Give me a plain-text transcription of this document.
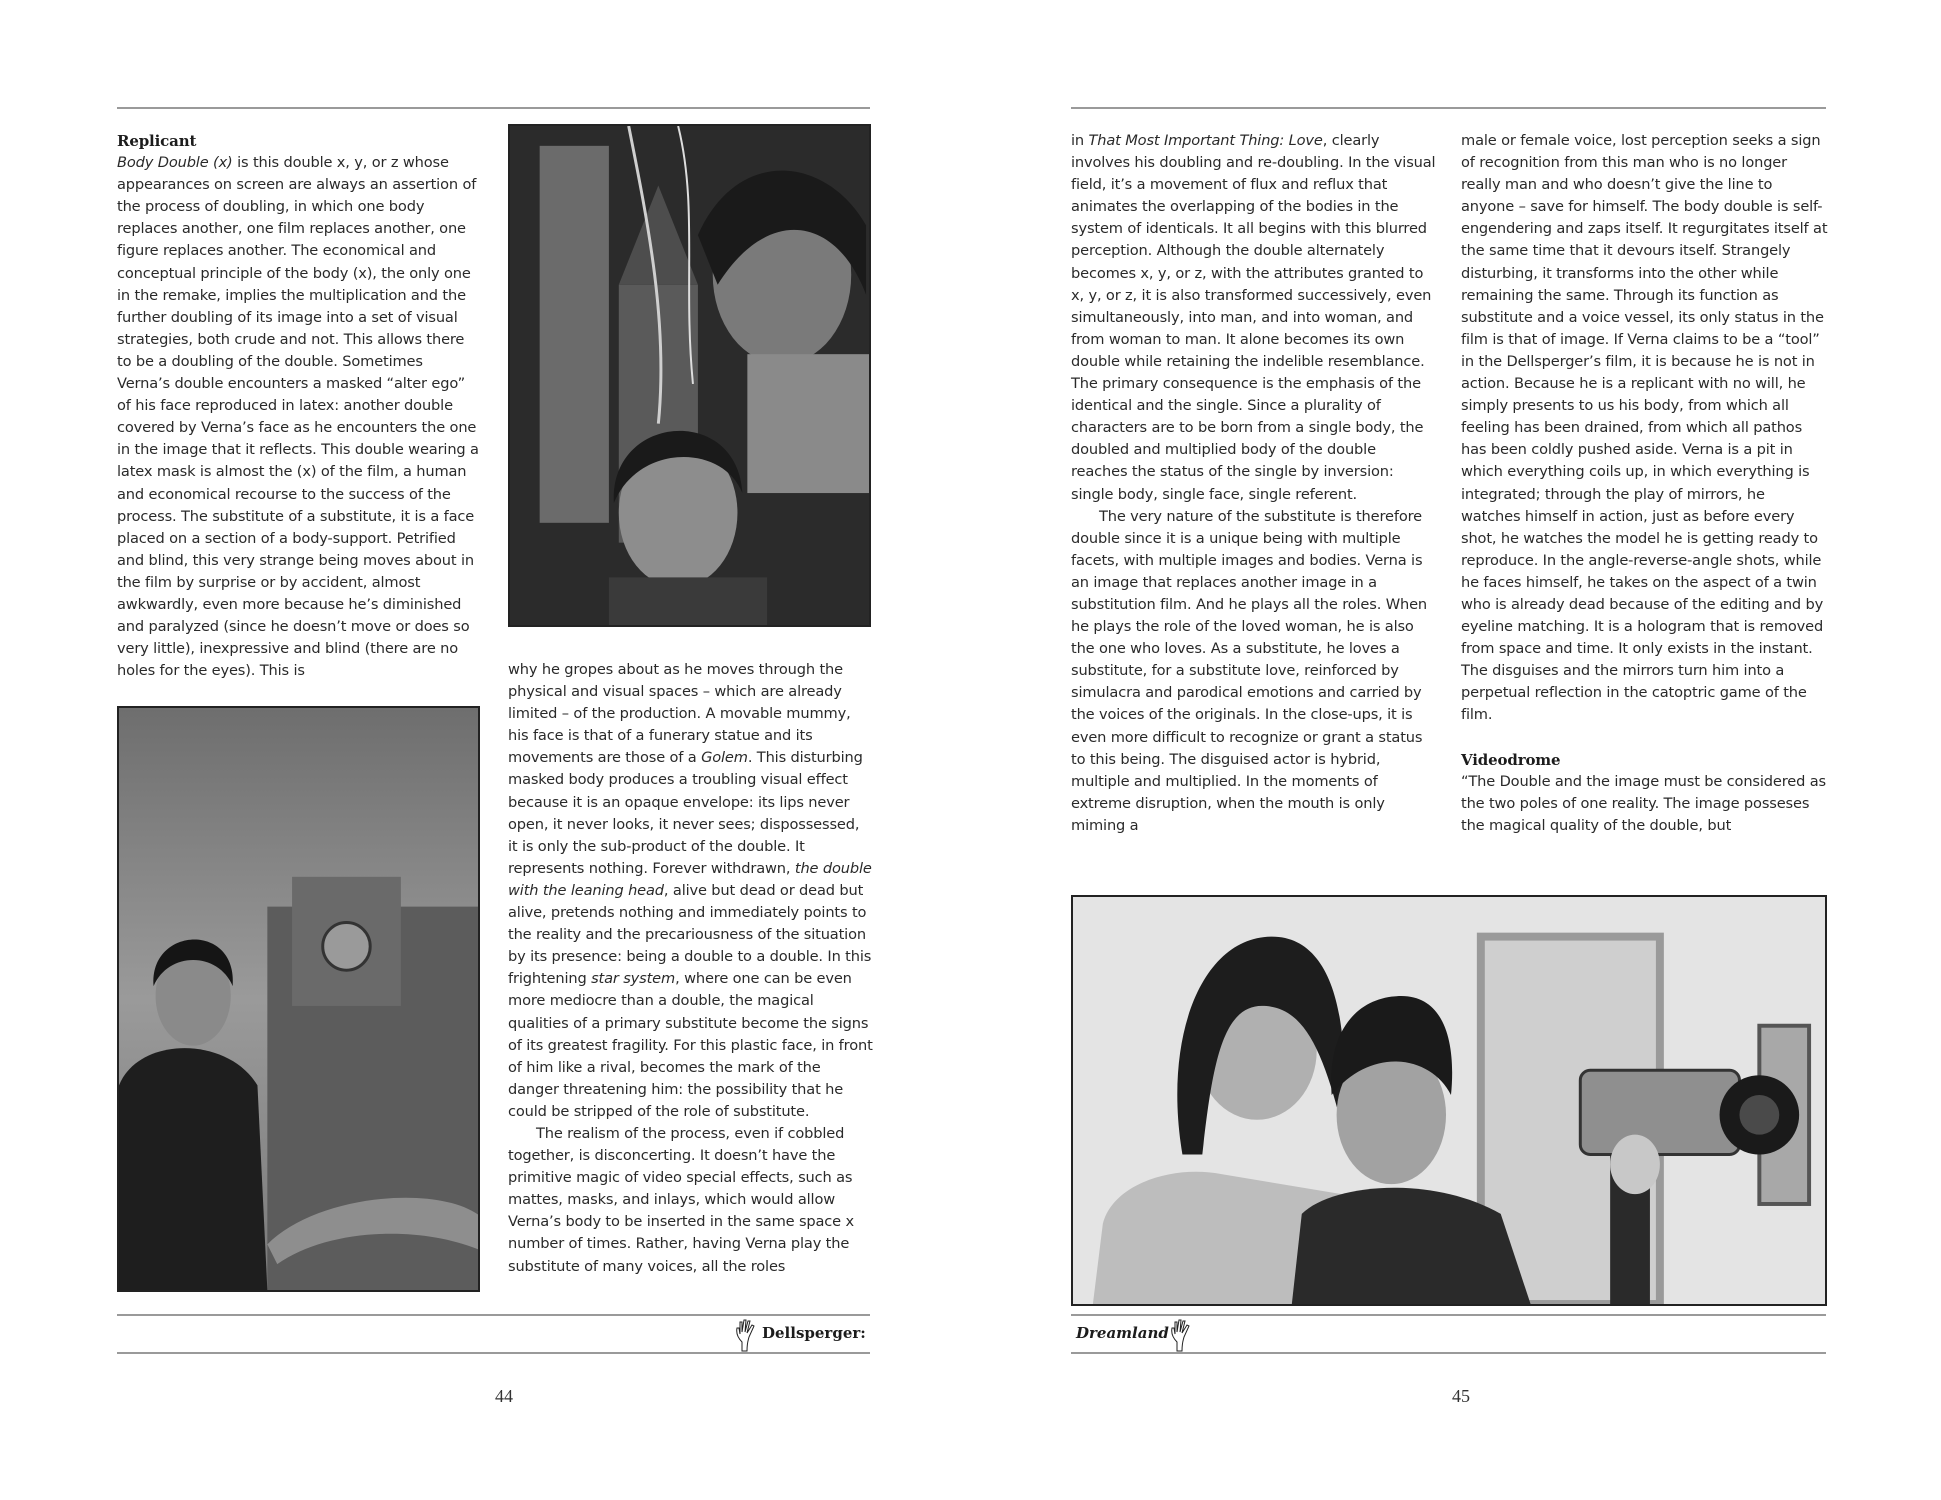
Replicant

Body Double (x) is this double x, y, or z whose appearances on screen are always an assertion of the process of doubling, in which one body replaces another, one film replaces another, one figure replaces another. The economical and conceptual principle of the body (x), the only one in the remake, implies the multiplication and the further doubling of its image into a set of visual strategies, both crude and not. This allows there to be a doubling of the double. Sometimes Verna’s double encounters a masked “alter ego” of his face reproduced in latex: another double covered by Verna’s face as he encounters the one in the image that it reflects. This double wearing a latex mask is almost the (x) of the film, a human and economical recourse to the success of the process. The substitute of a substitute, it is a face placed on a section of a body-support. Petrified and blind, this very strange being moves about in the film by surprise or by accident, almost awkwardly, even more because he’s diminished and paralyzed (since he doesn’t move or does so very little), inexpressive and blind (there are no holes for the eyes). This is	why he gropes about as he moves through the physical and visual spaces – which are already limited – of the production. A movable mummy, his face is that of a funerary statue and its movements are those of a Golem. This disturbing masked body produces a troubling visual effect because it is an opaque envelope: its lips never open, it never looks, it never sees; dispossessed, it is only the sub-product of the double. It represents nothing. Forever withdrawn, the double with the leaning head, alive but dead or dead but alive, pretends nothing and immediately points to the reality and the precariousness of the situation by its presence: being a double to a double. In this frightening star system, where one can be even more mediocre than a double, the magical qualities of a primary substitute become the signs of its greatest fragility. For this plastic face, in front of him like a rival, becomes the mark of the danger threatening him: the possibility that he could be stripped of the role of substitute.

The realism of the process, even if cobbled together, is disconcerting. It doesn’t have the primitive magic of video special effects, such as mattes, masks, and inlays, which would allow Verna’s body to be inserted in the same space x number of times. Rather, having Verna play the substitute of many voices, all the roles

Dellsperger:
44

in That Most Important Thing: Love, clearly involves his doubling and re-doubling. In the visual field, it’s a movement of flux and reflux that animates the overlapping of the bodies in the system of identicals. It all begins with this blurred perception. Although the double alternately becomes x, y, or z, with the attributes granted to x, y, or z, it is also transformed successively, even simultaneously, into man, and into woman, and from woman to man. It alone becomes its own double while retaining the indelible resemblance. The primary consequence is the emphasis of the identical and the single. Since a plurality of characters are to be born from a single body, the doubled and multiplied body of the double reaches the status of the single by inversion: single body, single face, single referent.

The very nature of the substitute is therefore double since it is a unique being with multiple facets, with multiple images and bodies. Verna is an image that replaces another image in a substitution film. And he plays all the roles. When he plays the role of the loved woman, he is also the one who loves. As a substitute, he loves a substitute, for a substitute love, reinforced by simulacra and parodical emotions and carried by the voices of the originals. In the close-ups, it is even more difficult to recognize or grant a status to this being. The disguised actor is hybrid, multiple and multiplied. In the moments of extreme disruption, when the mouth is only miming a

male or female voice, lost perception seeks a sign of recognition from this man who is no longer really man and who doesn’t give the line to anyone – save for himself. The body double is self-engendering and zaps itself. It regurgitates itself at the same time that it devours itself. Strangely disturbing, it transforms into the other while remaining the same. Through its function as substitute and a voice vessel, its only status in the film is that of image. If Verna claims to be a “tool” in the Dellsperger’s film, it is because he is not in action. Because he is a replicant with no will, he simply presents to us his body, from which all feeling has been drained, from which all pathos has been coldly pushed aside. Verna is a pit in which everything coils up, in which everything is integrated; through the play of mirrors, he watches himself in action, just as before every shot, he watches the model he is getting ready to reproduce. In the angle-reverse-angle shots, while he faces himself, he takes on the aspect of a twin who is already dead because of the editing and by eyeline matching. It is a hologram that is removed from space and time. It only exists in the instant. The disguises and the mirrors turn him into a perpetual reflection in the catoptric game of the film.

Videodrome

“The Double and the image must be considered as the two poles of one reality. The image posseses the magical quality of the double, but

Dreamland
45
